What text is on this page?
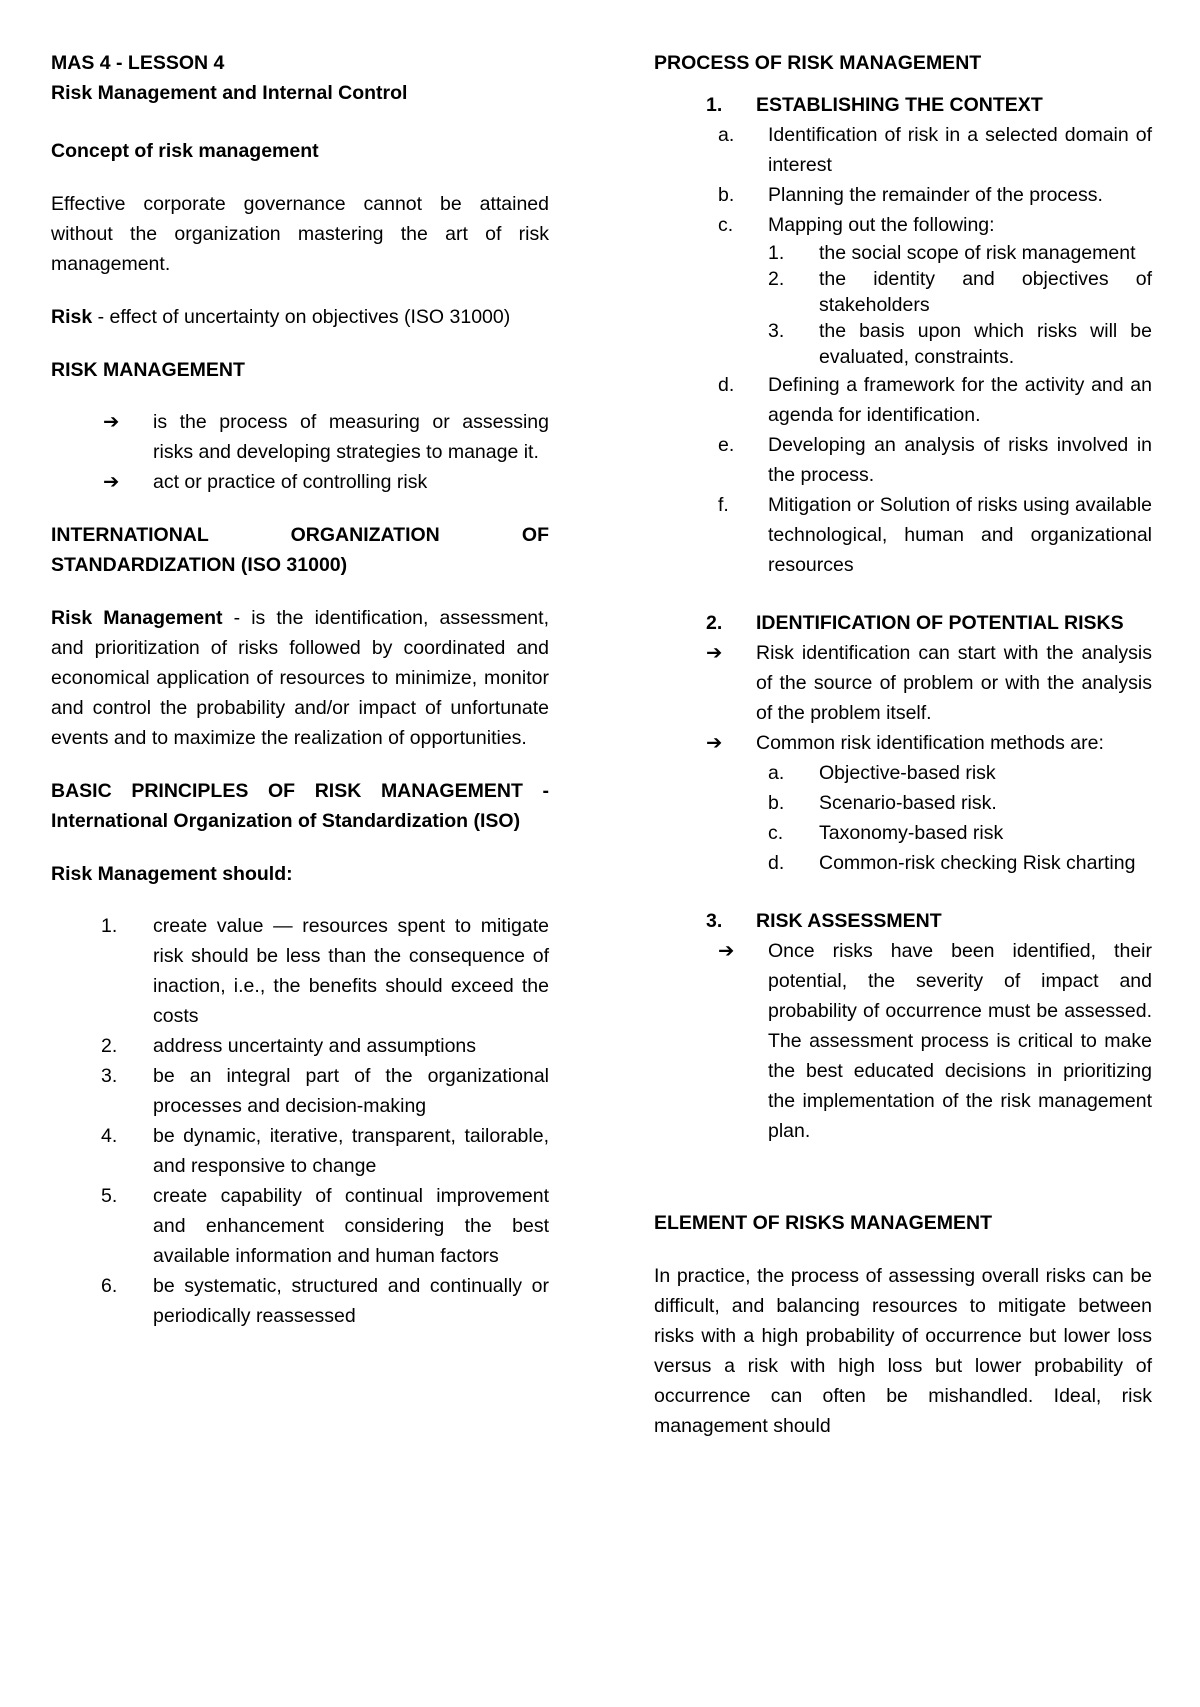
MAS 4 - LESSON 4

Risk Management and Internal Control

Concept of risk management

Effective corporate governance cannot be attained without the organization mastering the art of risk management.

Risk - effect of uncertainty on objectives (ISO 31000)

RISK MANAGEMENT

➔
is the process of measuring or assessing risks and developing strategies to manage it.
➔
act or practice of controlling risk

INTERNATIONAL ORGANIZATION OF STANDARDIZATION (ISO 31000)

Risk Management - is the identification, assessment, and prioritization of risks followed by coordinated and economical application of resources to minimize, monitor and control the probability and/or impact of unfortunate events and to maximize the realization of opportunities.

BASIC PRINCIPLES OF RISK MANAGEMENT - International Organization of Standardization (ISO)

Risk Management should:

1. create value — resources spent to mitigate risk should be less than the consequence of inaction, i.e., the benefits should exceed the costs
2. address uncertainty and assumptions
3. be an integral part of the organizational processes and decision-making
4. be dynamic, iterative, transparent, tailorable, and responsive to change
5. create capability of continual improvement and enhancement considering the best available information and human factors
6. be systematic, structured and continually or periodically reassessed

PROCESS OF RISK MANAGEMENT

1. ESTABLISHING THE CONTEXT
a. Identification of risk in a selected domain of interest
b. Planning the remainder of the process.
c. Mapping out the following:
1. the social scope of risk management
2. the identity and objectives of stakeholders
3. the basis upon which risks will be evaluated, constraints.
d. Defining a framework for the activity and an agenda for identification.
e. Developing an analysis of risks involved in the process.
f. Mitigation or Solution of risks using available technological, human and organizational resources
2. IDENTIFICATION OF POTENTIAL RISKS
➔
Risk identification can start with the analysis of the source of problem or with the analysis of the problem itself.
➔
Common risk identification methods are:
a. Objective-based risk
b. Scenario-based risk.
c. Taxonomy-based risk
d. Common-risk checking Risk charting
3. RISK ASSESSMENT
➔
Once risks have been identified, their potential, the severity of impact and probability of occurrence must be assessed. The assessment process is critical to make the best educated decisions in prioritizing the implementation of the risk management plan.

ELEMENT OF RISKS MANAGEMENT

In practice, the process of assessing overall risks can be difficult, and balancing resources to mitigate between risks with a high probability of occurrence but lower loss versus a risk with high loss but lower probability of occurrence can often be mishandled. Ideal, risk management should
